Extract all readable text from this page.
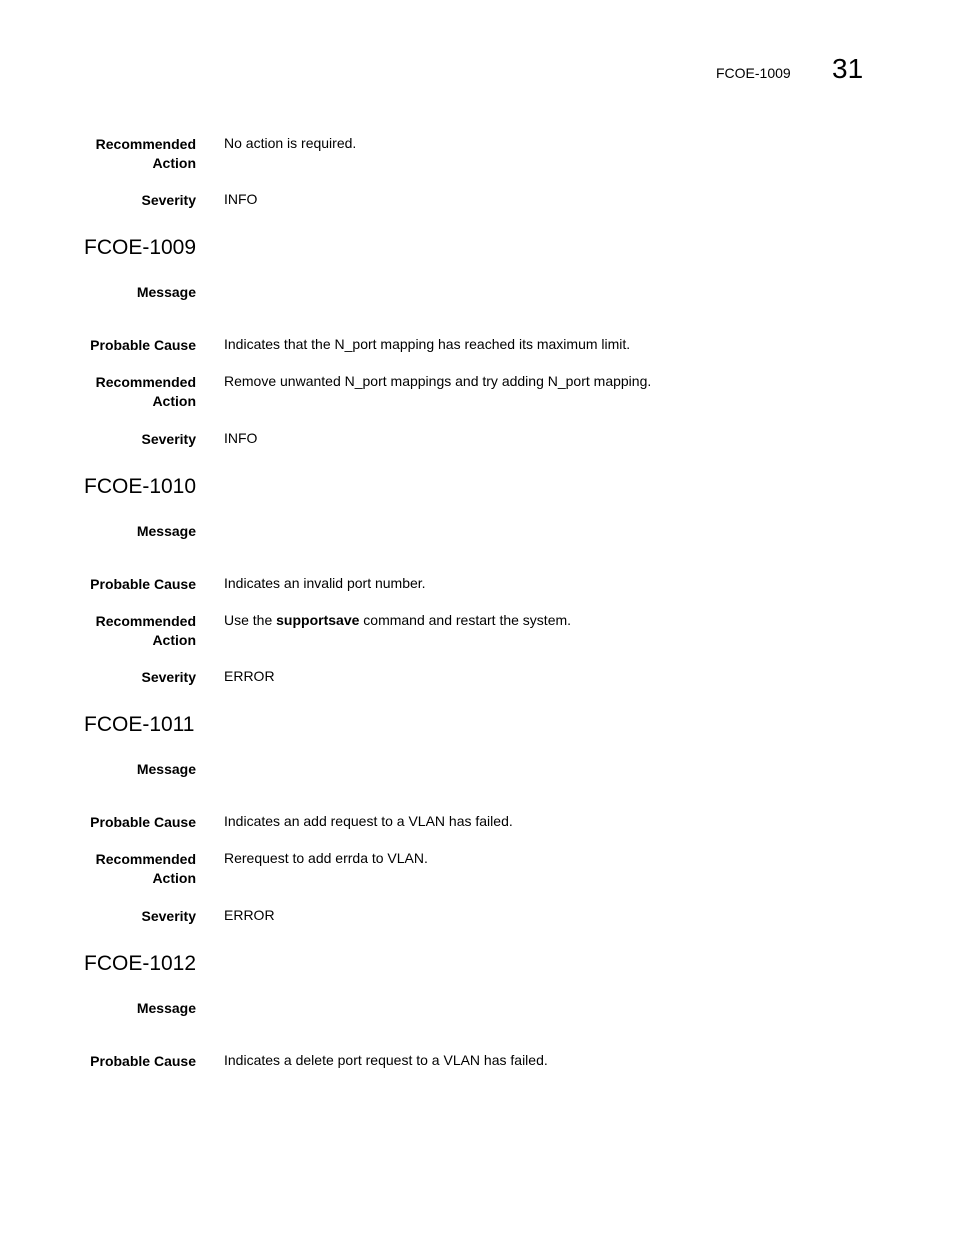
FCOE-1009 31
Recommended
Action
No action is required.
Severity INFO
FCOE-1009
Message
Probable Cause Indicates that the N_port mapping has reached its maximum limit.
Recommended
Action
Remove unwanted N_port mappings and try adding N_port mapping.
Severity INFO
FCOE-1010
Message
Probable Cause Indicates an invalid port number.
Recommended
Action
Use the supportsave command and restart the system.
Severity ERROR
FCOE-1011
Message
Probable Cause Indicates an add request to a VLAN has failed.
Recommended
Action
Rerequest to add errda to VLAN.
Severity ERROR
FCOE-1012
Message
Probable Cause Indicates a delete port request to a VLAN has failed.
